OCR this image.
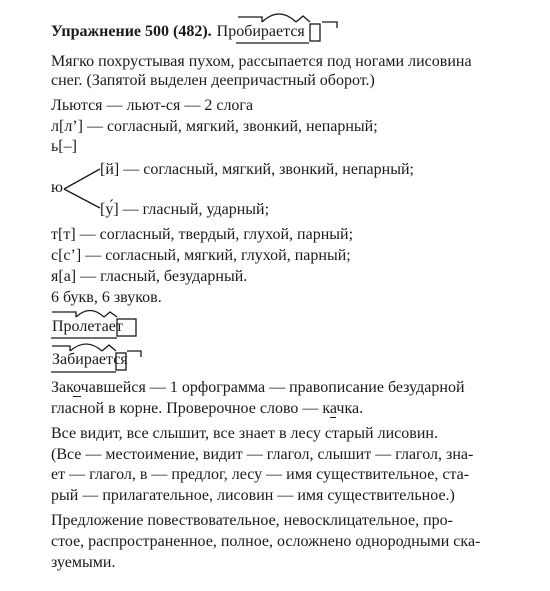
Упражнение 500 (482). Пробирается
Мягко похрустывая пухом, рассыпается под ногами лисовина
снег. (Запятой выделен деепричастный оборот.)
Льются — льют-ся — 2 слога
л[л’] — согласный, мягкий, звонкий, непарный;
ь[–]
ю
[й] — согласный, мягкий, звонкий, непарный;
[у́] — гласный, ударный;
т[т] — согласный, твердый, глухой, парный;
с[с’] — согласный, мягкий, глухой, парный;
я[а] — гласный, безударный.
6 букв, 6 звуков.
Пролетает
Забирается
Закочавшейся — 1 орфограмма — правописание безударной
гласной в корне. Проверочное слово — качка.
Все видит, все слышит, все знает в лесу старый лисовин.
(Все — местоимение, видит — глагол, слышит — глагол, зна-
ет — глагол, в — предлог, лесу — имя существительное, ста-
рый — прилагательное, лисовин — имя существительное.)
Предложение повествовательное, невосклицательное, про-
стое, распространенное, полное, осложнено однородными ска-
зуемыми.
